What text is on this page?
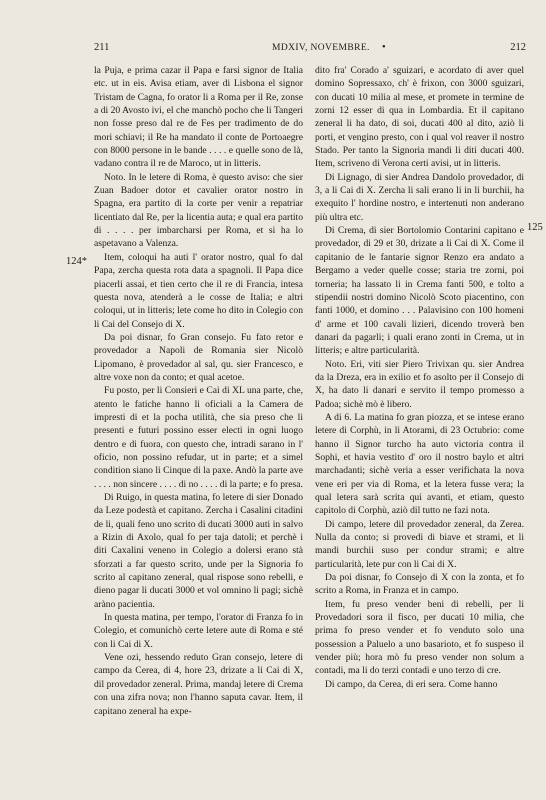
211	MDXIV, NOVEMBRE. •	212
124*
125

la Puja, e prima cazar il Papa e farsi signor de Italia etc. ut in eis. Avisa etiam, aver di Lisbona el signor Tristam de Cagna, fo orator li a Roma per il Re, zonse a di 20 Avosto ivi, el che manchò pocho che li Tangeri non fosse preso dal re de Fes per tradimento de do mori schiavi; il Re ha mandato il conte de Portoaegre con 8000 persone in le bande . . . . e quelle sono de là, vadano contra il re de Maroco, ut in litteris.

Noto. In le letere di Roma, è questo aviso: che sier Zuan Badoer dotor et cavalier orator nostro in Spagna, era partito di la corte per venir a repatriar licentiato dal Re, per la licentia auta; e qual era partito di . . . . per imbarcharsi per Roma, et si ha lo aspetavano a Valenza.

Item, coloqui ha auti l' orator nostro, qual fo dal Papa, zercha questa rota data a spagnoli. Il Papa dice piacerli assai, et tien certo che il re di Francia, intesa questa nova, atenderà a le cosse de Italia; e altri coloqui, ut in litteris; lete come ho dito in Colegio con li Cai del Consejo di X.

Da poi disnar, fo Gran consejo. Fu fato retor e provedador a Napoli de Romania sier Nicolò Lipomano, è provedador al sal, qu. sier Francesco, e altre voxe non da conto; et qual acetoe.

Fu posto, per li Consieri e Cai di XL una parte, che, atento le fatiche hanno li oficiali a la Camera de impresti di et la pocha utilità, che sia preso che li presenti e futuri possino esser electi in ogni luogo dentro e di fuora, con questo che, intradi sarano in l' oficio, non possino refudar, ut in parte; et a simel condition siano li Cinque di la paxe. Andò la parte ave . . . . non sincere . . . . di no . . . . di la parte; e fo presa.

Di Ruigo, in questa matina, fo letere di sier Donado da Leze podestà et capitano. Zercha i Casalini citadini de li, quali feno uno scrito di ducati 3000 auti in salvo a Rizin di Axolo, qual fo per taja datoli; et perchè i diti Caxalini veneno in Colegio a dolersi erano stà sforzati a far questo scrito, unde per la Signoria fo scrito al capitano zeneral, qual rispose sono rebelli, e dieno pagar li ducati 3000 et vol omnino li pagi; sichè aràno pacientia.

In questa matina, per tempo, l'orator di Franza fo in Colegio, et comunichò certe letere aute di Roma e sté con li Cai di X.

Vene ozi, hessendo reduto Gran consejo, letere di campo da Cerea, di 4, hore 23, drizate a li Cai di X, dil provedador zeneral. Prima, mandaj letere di Crema con una zifra nova; non l'hanno saputa cavar. Item, il capitano zeneral ha expe-

dito fra' Corado a' sguizari, e acordato di aver quel domino Sopressaxo, ch' è frixon, con 3000 sguizari, con ducati 10 milia al mese, et promete in termine de zorni 12 esser di qua in Lombardia. Et il capitano zeneral li ha dato, di soi, ducati 400 al dito, aziò li porti, et vengino presto, con i qual vol reaver il nostro Stado. Per tanto la Signoria mandi li diti ducati 400. Item, scriveno di Verona certi avisi, ut in litteris.

Di Lignago, di sier Andrea Dandolo provedador, di 3, a li Cai di X. Zercha li sali erano li in li burchii, ha exequito l' hordine nostro, e intertenuti non anderano più ultra etc.

Di Crema, di sier Bortolomio Contarini capitano e provedador, di 29 et 30, drizate a li Cai di X. Come il capitanio de le fantarie signor Renzo era andato a Bergamo a veder quelle cosse; staria tre zorni, poi torneria; ha lassato li in Crema fanti 500, e tolto a stipendii nostri domino Nicolò Scoto piacentino, con fanti 1000, et domino . . . Palavisino con 100 homeni d' arme et 100 cavali lizieri, dicendo troverà ben danari da pagarli; i quali erano zonti in Crema, ut in litteris; e altre particularità.

Noto. Eri, viti sier Piero Trivixan qu. sier Andrea da la Dreza, era in exilio et fo asolto per il Consejo di X, ha dato li danari e servito il tempo promesso a Padoa; sichè mò è libero.

A di 6. La matina fo gran piozza, et se intese erano letere di Corphù, in li Atorami, di 23 Octubrio: come hanno il Signor turcho ha auto victoria contra il Sophi, et havia vestito d' oro il nostro baylo et altri marchadanti; sichè veria a esser verifichata la nova vene eri per via di Roma, et la letera fusse vera; la qual letera sarà scrita qui avanti, et etiam, questo capitolo di Corphù, aziò dil tutto ne fazi nota.

Di campo, letere dil provedador zeneral, da Zerea. Nulla da conto; si provedi di biave et strami, et li mandi burchii suso per condur strami; e altre particularità, lete pur con li Cai di X.

Da poi disnar, fo Consejo di X con la zonta, et fo scrito a Roma, in Franza et in campo.

Item, fu preso vender beni di rebelli, per li Provedadori sora il fisco, per ducati 10 milia, che prima fo preso vender et fo venduto solo una possession a Paluelo a uno basarioto, et fo suspeso il vender più; hora mò fu preso vender non solum a contadi, ma li do terzi contadi e uno terzo di cre.

Di campo, da Cerea, di eri sera. Come hanno
